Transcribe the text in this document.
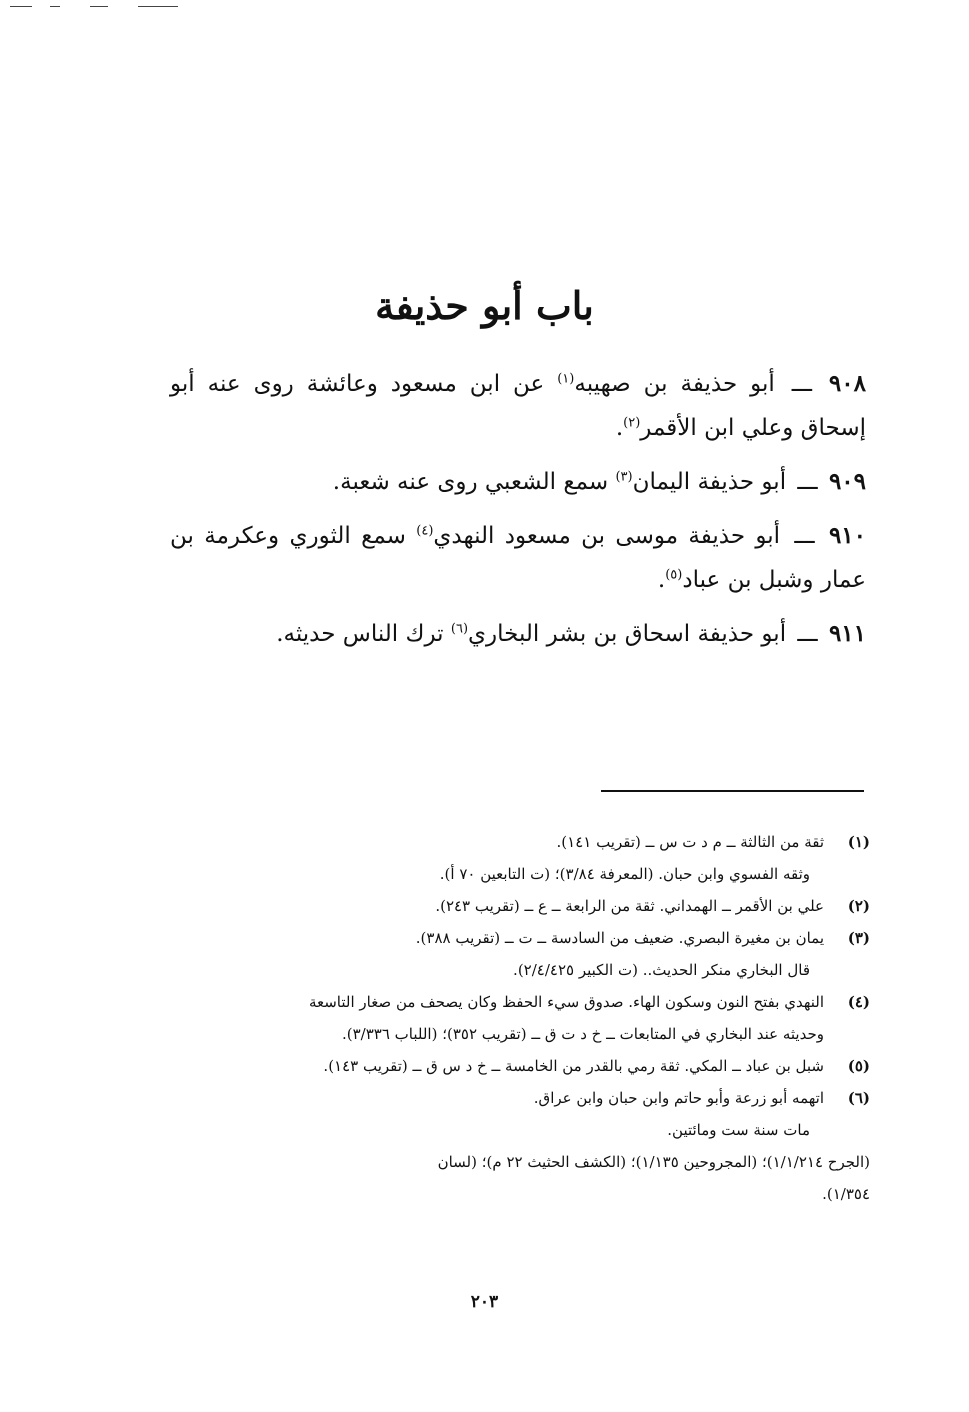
باب أبو حذيفة

٩٠٨ ـــ أبو حذيفة بن صهيبه$^{(١)}$ عن ابن مسعود وعائشة روى عنه أبو إسحاق وعلي ابن الأقمر$^{(٢)}$.

٩٠٩ ـــ أبو حذيفة اليمان$^{(٣)}$ سمع الشعبي روى عنه شعبة.

٩١٠ ـــ أبو حذيفة موسى بن مسعود النهدي$^{(٤)}$ سمع الثوري وعكرمة بن عمار وشبل بن عباد$^{(٥)}$.

٩١١ ـــ أبو حذيفة اسحاق بن بشر البخاري$^{(٦)}$ ترك الناس حديثه.

(١)
ثقة من الثالثة ــ م د ت س ــ (تقريب ١٤١).
وثقه الفسوي وابن حبان. (المعرفة ٣/٨٤)؛ (ت التابعين ٧٠ أ).
(٢)
علي بن الأقمر ــ الهمداني. ثقة من الرابعة ــ ع ــ (تقريب ٢٤٣).
(٣)
يمان بن مغيرة البصري. ضعيف من السادسة ــ ت ــ (تقريب ٣٨٨).
قال البخاري منكر الحديث.. (ت الكبير ٢/٤/٤٢٥).
(٤)
النهدي بفتح النون وسكون الهاء. صدوق سيء الحفظ وكان يصحف من صغار التاسعة
وحديثه عند البخاري في المتابعات ــ خ د ت ق ــ (تقريب ٣٥٢)؛ (اللباب ٣/٣٣٦).
(٥)
شبل بن عباد ــ المكي. ثقة رمي بالقدر من الخامسة ــ خ د س ق ــ (تقريب ١٤٣).
(٦)
اتهمه أبو زرعة وأبو حاتم وابن حبان وابن عراق.
مات سنة ست ومائتين.
(الجرح ١/١/٢١٤)؛ (المجروحين ١/١٣٥)؛ (الكشف الحثيث ٢٢ م)؛ (لسان
١/٣٥٤).
٢٠٣
